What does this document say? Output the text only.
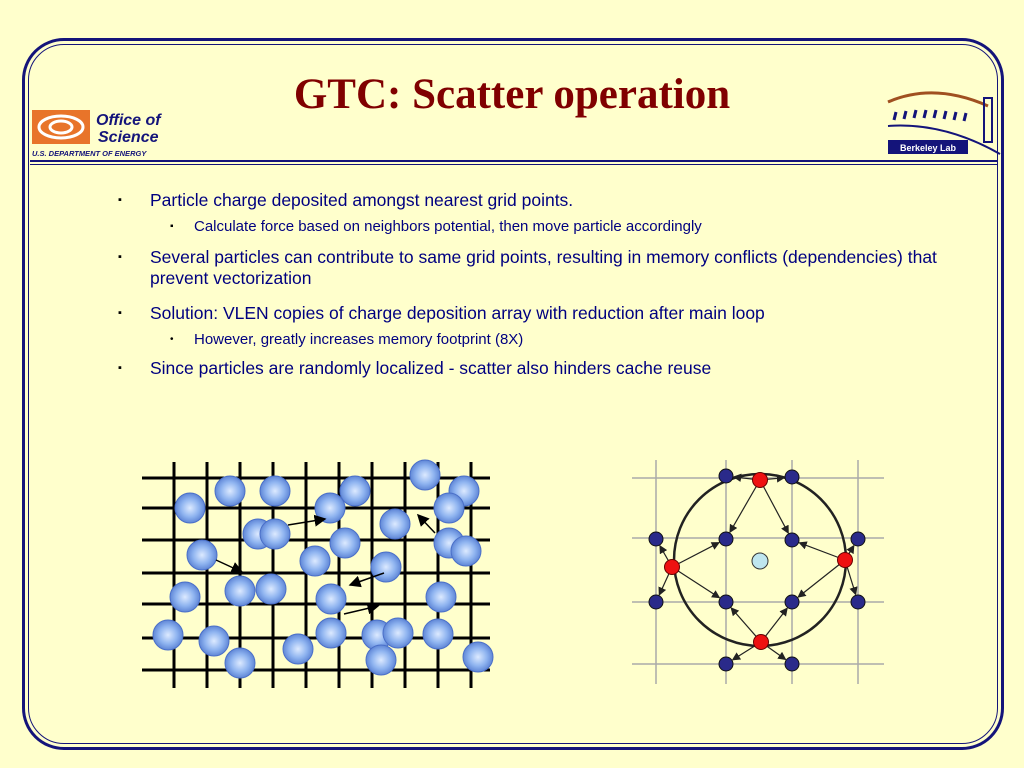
GTC: Scatter operation
Office of
Science
U.S. DEPARTMENT OF ENERGY
Berkeley Lab
▪	Particle charge deposited amongst nearest grid points.
▪	Calculate force based on neighbors potential, then move particle accordingly
▪	Several particles can contribute to same grid points, resulting in memory conflicts (dependencies) that prevent vectorization
▪	Solution: VLEN copies of charge deposition array with reduction after main loop
•	However, greatly increases memory footprint (8X)
▪	Since particles are randomly localized - scatter also hinders cache reuse
